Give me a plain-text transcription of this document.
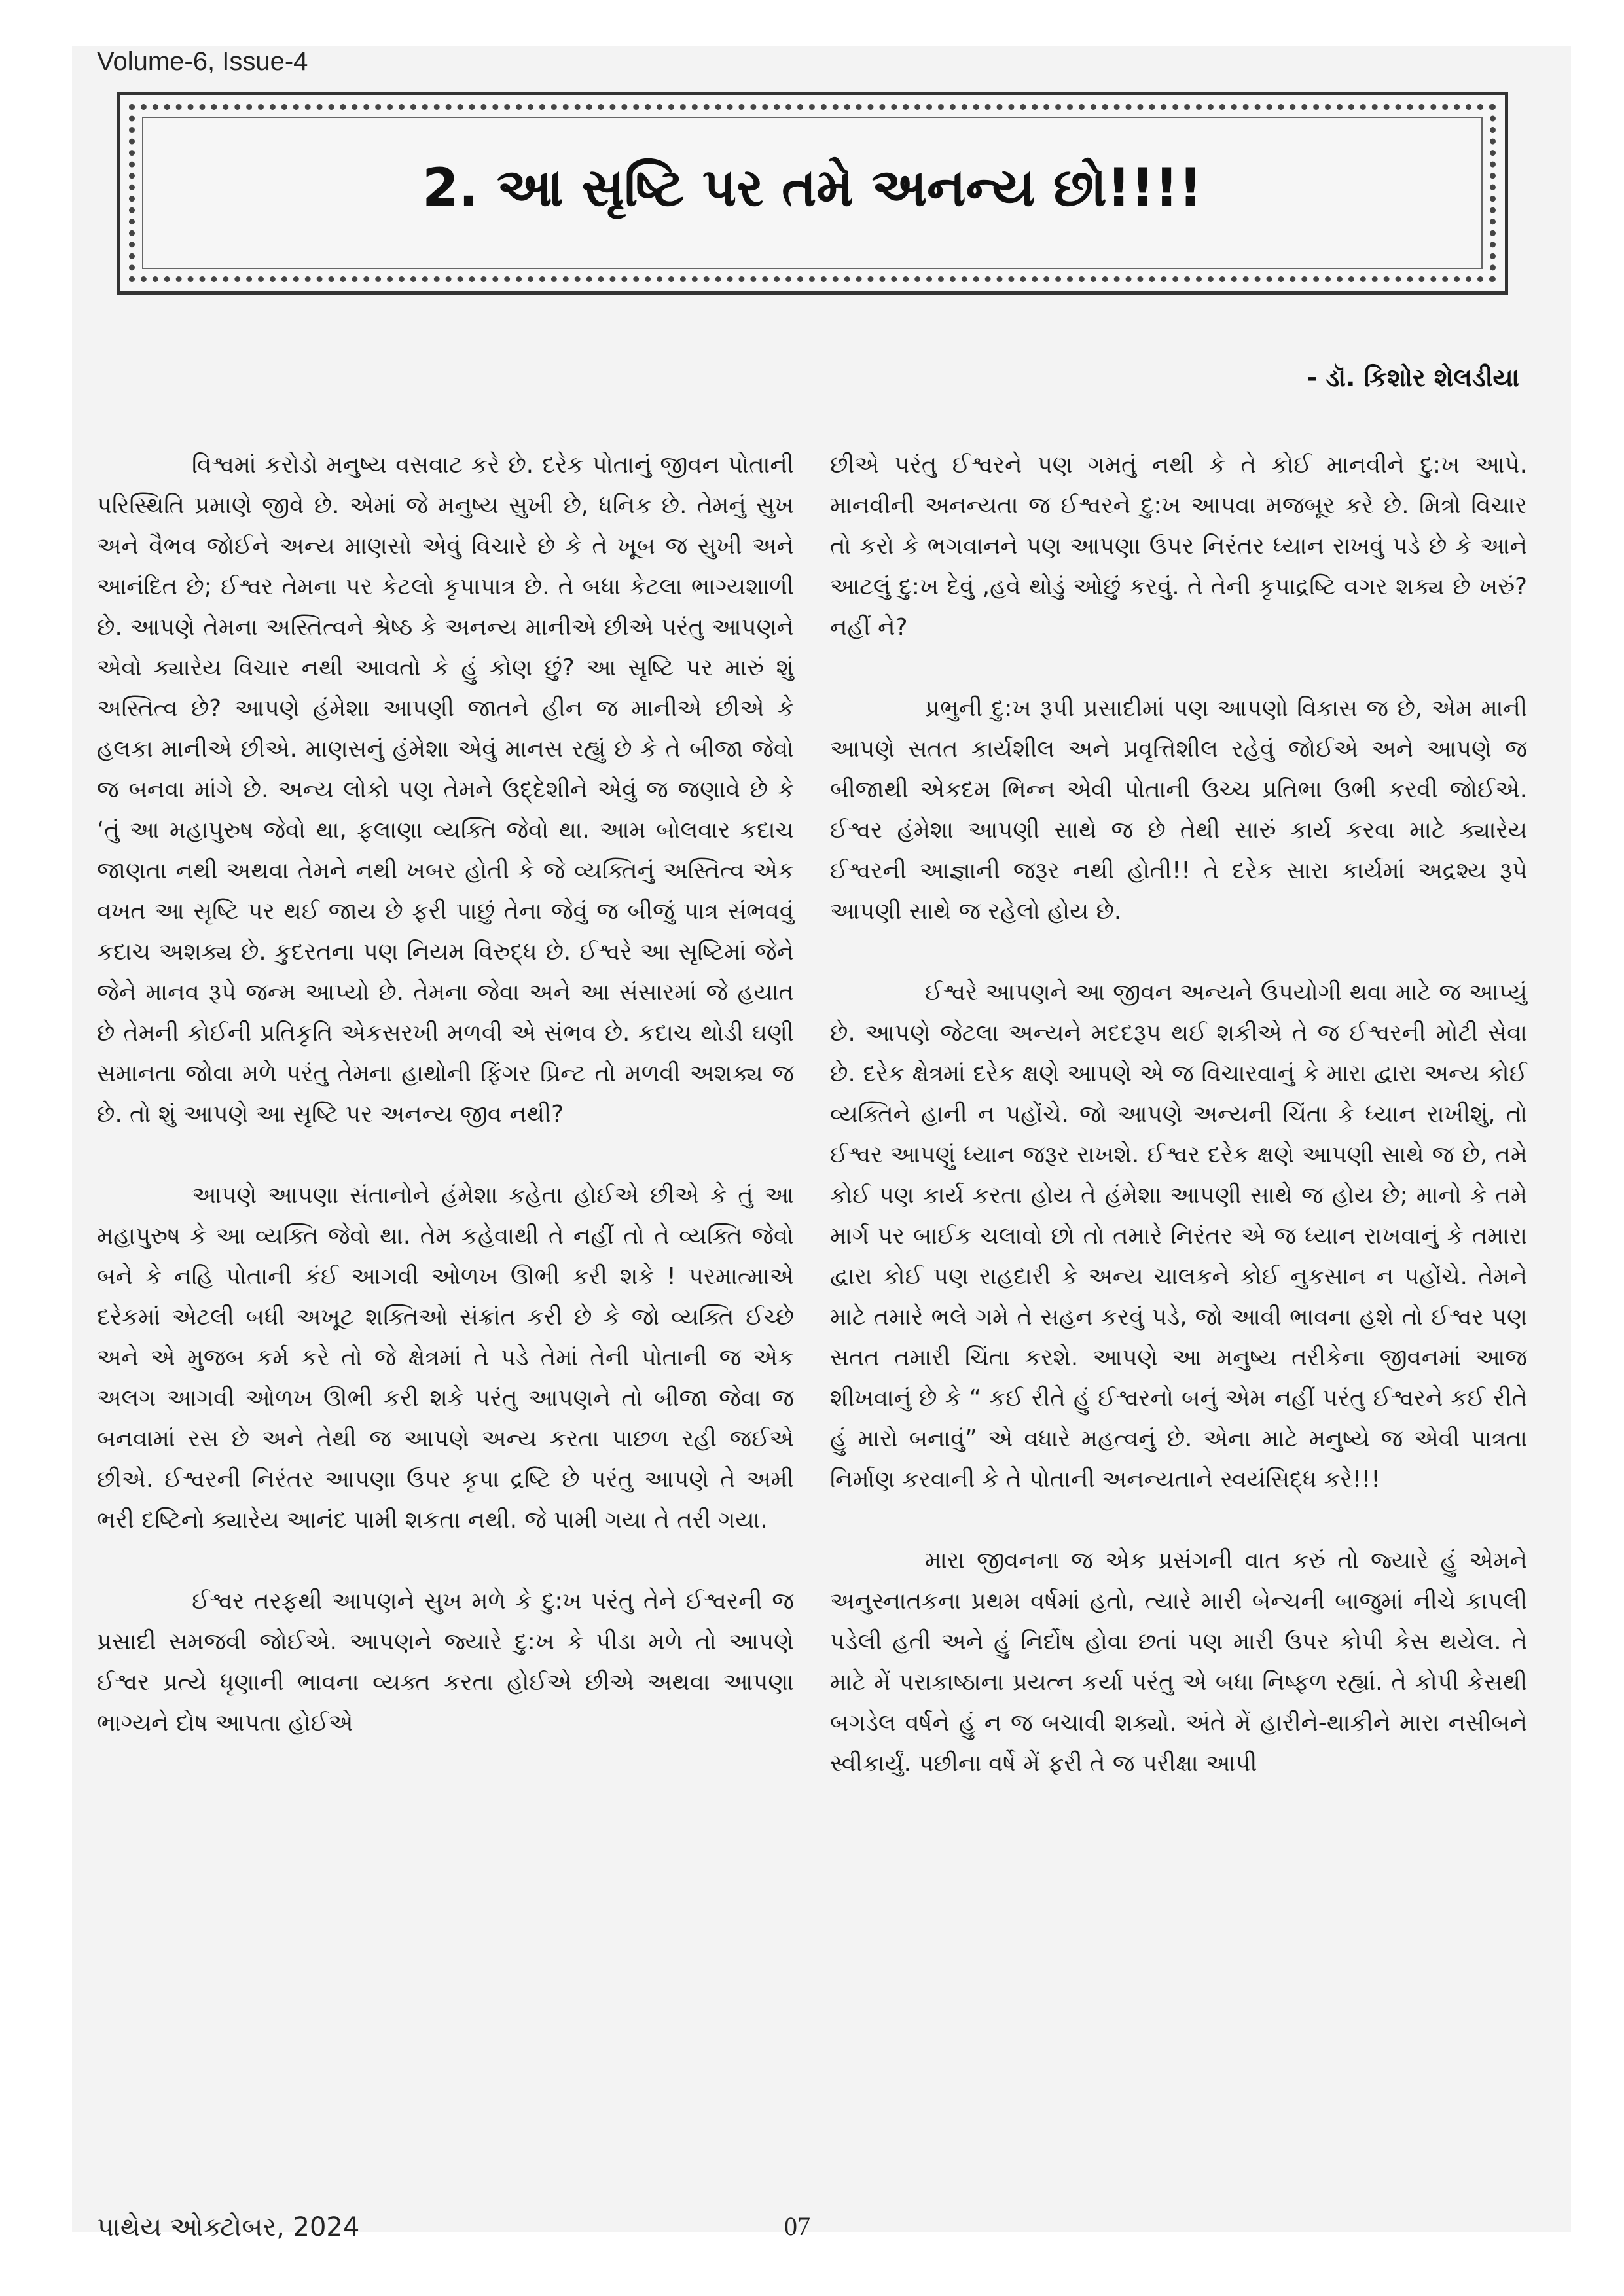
Volume-6, Issue-4
2. આ સૃષ્ટિ પર તમે અનન્ય છો!!!!
- ડૉ. કિશોર શેલડીયા

વિશ્વમાં કરોડો મનુષ્ય વસવાટ કરે છે. દરેક પોતાનું જીવન પોતાની પરિસ્થિતિ પ્રમાણે જીવે છે. એમાં જે મનુષ્ય સુખી છે, ધનિક છે. તેમનું સુખ અને વૈભવ જોઈને અન્ય માણસો એવું વિચારે છે કે તે ખૂબ જ સુખી અને આનંદિત છે; ઈશ્વર તેમના પર કેટલો કૃપાપાત્ર છે. તે બધા કેટલા ભાગ્યશાળી છે. આપણે તેમના અસ્તિત્વને શ્રેષ્ઠ કે અનન્ય માનીએ છીએ પરંતુ આપણને એવો ક્યારેય વિચાર નથી આવતો કે હું કોણ છું? આ સૃષ્ટિ પર મારું શું અસ્તિત્વ છે? આપણે હંમેશા આપણી જાતને હીન જ માનીએ છીએ કે હલકા માનીએ છીએ. માણસનું હંમેશા એવું માનસ રહ્યું છે કે તે બીજા જેવો જ બનવા માંગે છે. અન્ય લોકો પણ તેમને ઉદ્દેશીને એવું જ જણાવે છે કે ‘તું આ મહાપુરુષ જેવો થા, ફલાણા વ્યક્તિ જેવો થા. આમ બોલવાર કદાચ જાણતા નથી અથવા તેમને નથી ખબર હોતી કે જે વ્યક્તિનું અસ્તિત્વ એક વખત આ સૃષ્ટિ પર થઈ જાય છે ફરી પાછું તેના જેવું જ બીજું પાત્ર સંભવવું કદાચ અશક્ય છે. કુદરતના પણ નિયમ વિરુદ્ધ છે. ઈશ્વરે આ સૃષ્ટિમાં જેને જેને માનવ રૂપે જન્મ આપ્યો છે. તેમના જેવા અને આ સંસારમાં જે હયાત છે તેમની કોઈની પ્રતિકૃતિ એકસરખી મળવી એ સંભવ છે. કદાચ થોડી ઘણી સમાનતા જોવા મળે પરંતુ તેમના હાથોની ફિંગર પ્રિન્ટ તો મળવી અશક્ય જ છે. તો શું આપણે આ સૃષ્ટિ પર અનન્ય જીવ નથી?

આપણે આપણા સંતાનોને હંમેશા કહેતા હોઈએ છીએ કે તું આ મહાપુરુષ કે આ વ્યક્તિ જેવો થા. તેમ કહેવાથી તે નહીં તો તે વ્યક્તિ જેવો બને કે નહિ પોતાની કંઈ આગવી ઓળખ ઊભી કરી શકે ! પરમાત્માએ દરેકમાં એટલી બધી અખૂટ શક્તિઓ સંક્રાંત કરી છે કે જો વ્યક્તિ ઈચ્છે અને એ મુજબ કર્મ કરે તો જે ક્ષેત્રમાં તે પડે તેમાં તેની પોતાની જ એક અલગ આગવી ઓળખ ઊભી કરી શકે પરંતુ આપણને તો બીજા જેવા જ બનવામાં રસ છે અને તેથી જ આપણે અન્ય કરતા પાછળ રહી જઈએ છીએ. ઈશ્વરની નિરંતર આપણા ઉપર કૃપા દ્રષ્ટિ છે પરંતુ આપણે તે અમી ભરી દષ્ટિનો ક્યારેય આનંદ પામી શકતા નથી. જે પામી ગયા તે તરી ગયા.

ઈશ્વર તરફથી આપણને સુખ મળે કે દુ:ખ પરંતુ તેને ઈશ્વરની જ પ્રસાદી સમજવી જોઈએ. આપણને જ્યારે દુ:ખ કે પીડા મળે તો આપણે ઈશ્વર પ્રત્યે ધૃણાની ભાવના વ્યક્ત કરતા હોઈએ છીએ અથવા આપણા ભાગ્યને દોષ આપતા હોઈએ

છીએ પરંતુ ઈશ્વરને પણ ગમતું નથી કે તે કોઈ માનવીને દુ:ખ આપે. માનવીની અનન્યતા જ ઈશ્વરને દુ:ખ આપવા મજબૂર કરે છે. મિત્રો વિચાર તો કરો કે ભગવાનને પણ આપણા ઉપર નિરંતર ધ્યાન રાખવું પડે છે કે આને આટલું દુ:ખ દેવું ,હવે થોડું ઓછું કરવું. તે તેની કૃપાદ્રષ્ટિ વગર શક્ય છે ખરું? નહીં ને?

પ્રભુની દુ:ખ રૂપી પ્રસાદીમાં પણ આપણો વિકાસ જ છે, એમ માની આપણે સતત કાર્યશીલ અને પ્રવૃત્તિશીલ રહેવું જોઈએ અને આપણે જ બીજાથી એકદમ ભિન્ન એવી પોતાની ઉચ્ચ પ્રતિભા ઉભી કરવી જોઈએ. ઈશ્વર હંમેશા આપણી સાથે જ છે તેથી સારું કાર્ય કરવા માટે ક્યારેય ઈશ્વરની આજ્ઞાની જરૂર નથી હોતી!! તે દરેક સારા કાર્યમાં અદ્રશ્ય રૂપે આપણી સાથે જ રહેલો હોય છે.

ઈશ્વરે આપણને આ જીવન અન્યને ઉપયોગી થવા માટે જ આપ્યું છે. આપણે જેટલા અન્યને મદદરૂપ થઈ શકીએ તે જ ઈશ્વરની મોટી સેવા છે. દરેક ક્ષેત્રમાં દરેક ક્ષણે આપણે એ જ વિચારવાનું કે મારા દ્વારા અન્ય કોઈ વ્યક્તિને હાની ન પહોંચે. જો આપણે અન્યની ચિંતા કે ધ્યાન રાખીશું, તો ઈશ્વર આપણું ધ્યાન જરૂર રાખશે. ઈશ્વર દરેક ક્ષણે આપણી સાથે જ છે, તમે કોઈ પણ કાર્ય કરતા હોય તે હંમેશા આપણી સાથે જ હોય છે; માનો કે તમે માર્ગ પર બાઈક ચલાવો છો તો તમારે નિરંતર એ જ ધ્યાન રાખવાનું કે તમારા દ્વારા કોઈ પણ રાહદારી કે અન્ય ચાલકને કોઈ નુકસાન ન પહોંચે. તેમને માટે તમારે ભલે ગમે તે સહન કરવું પડે, જો આવી ભાવના હશે તો ઈશ્વર પણ સતત તમારી ચિંતા કરશે. આપણે આ મનુષ્ય તરીકેના જીવનમાં આજ શીખવાનું છે કે “ કઈ રીતે હું ઈશ્વરનો બનું એમ નહીં પરંતુ ઈશ્વરને કઈ રીતે હું મારો બનાવું” એ વધારે મહત્વનું છે. એના માટે મનુષ્યે જ એવી પાત્રતા નિર્માણ કરવાની કે તે પોતાની અનન્યતાને સ્વયંસિદ્ધ કરે!!!

મારા જીવનના જ એક પ્રસંગની વાત કરું તો જ્યારે હું એમને અનુસ્નાતકના પ્રથમ વર્ષમાં હતો, ત્યારે મારી બેન્ચની બાજુમાં નીચે કાપલી પડેલી હતી અને હું નિર્દોષ હોવા છતાં પણ મારી ઉપર કોપી કેસ થયેલ. તે માટે મેં પરાકાષ્ઠાના પ્રયત્ન કર્યા પરંતુ એ બધા નિષ્ફળ રહ્યાં. તે કોપી કેસથી બગડેલ વર્ષને હું ન જ બચાવી શક્યો. અંતે મેં હારીને-થાકીને મારા નસીબને સ્વીકાર્યું. પછીના વર્ષે મેં ફરી તે જ પરીક્ષા આપી

પાથેય ઓક્ટોબર, 2024	07
